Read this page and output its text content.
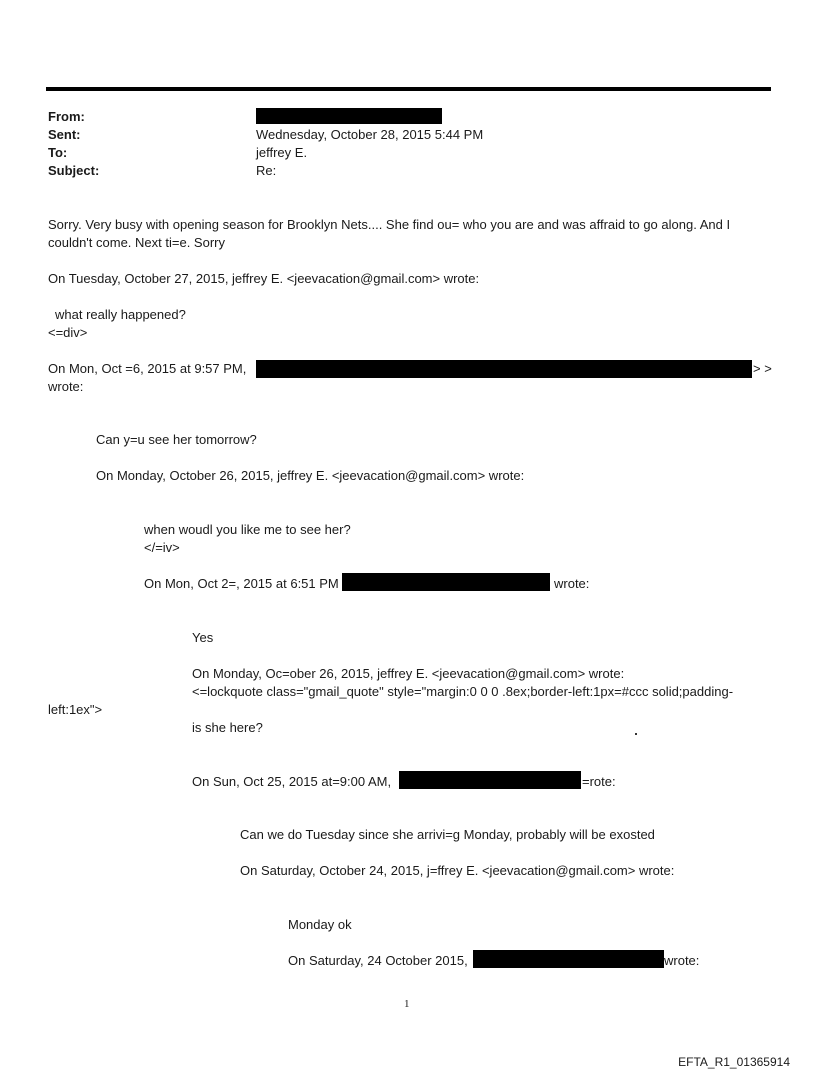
From:
Sent:	Wednesday, October 28, 2015 5:44 PM
To:	jeffrey E.
Subject:	Re:
Sorry. Very busy with opening season for Brooklyn Nets.... She find ou= who you are and was affraid to go along. And I
couldn't come. Next ti=e. Sorry
On Tuesday, October 27, 2015, jeffrey E. <jeevacation@gmail.com> wrote:
what really happened?
<=div>
On Mon, Oct =6, 2015 at 9:57 PM,	> >
wrote:
Can y=u see her tomorrow?
On Monday, October 26, 2015, jeffrey E. <jeevacation@gmail.com> wrote:
when woudl you like me to see her?
</=iv>
On Mon, Oct 2=, 2015 at 6:51 PM	wrote:
Yes
On Monday, Oc=ober 26, 2015, jeffrey E. <jeevacation@gmail.com> wrote:
<=lockquote class="gmail_quote" style="margin:0 0 0 .8ex;border-left:1px=#ccc solid;padding-
left:1ex">
is she here?
On Sun, Oct 25, 2015 at=9:00 AM,	=rote:
Can we do Tuesday since she arrivi=g Monday, probably will be exosted
On Saturday, October 24, 2015, j=ffrey E. <jeevacation@gmail.com> wrote:
Monday ok
On Saturday, 24 October 2015,	wrote:
1
EFTA_R1_01365914
